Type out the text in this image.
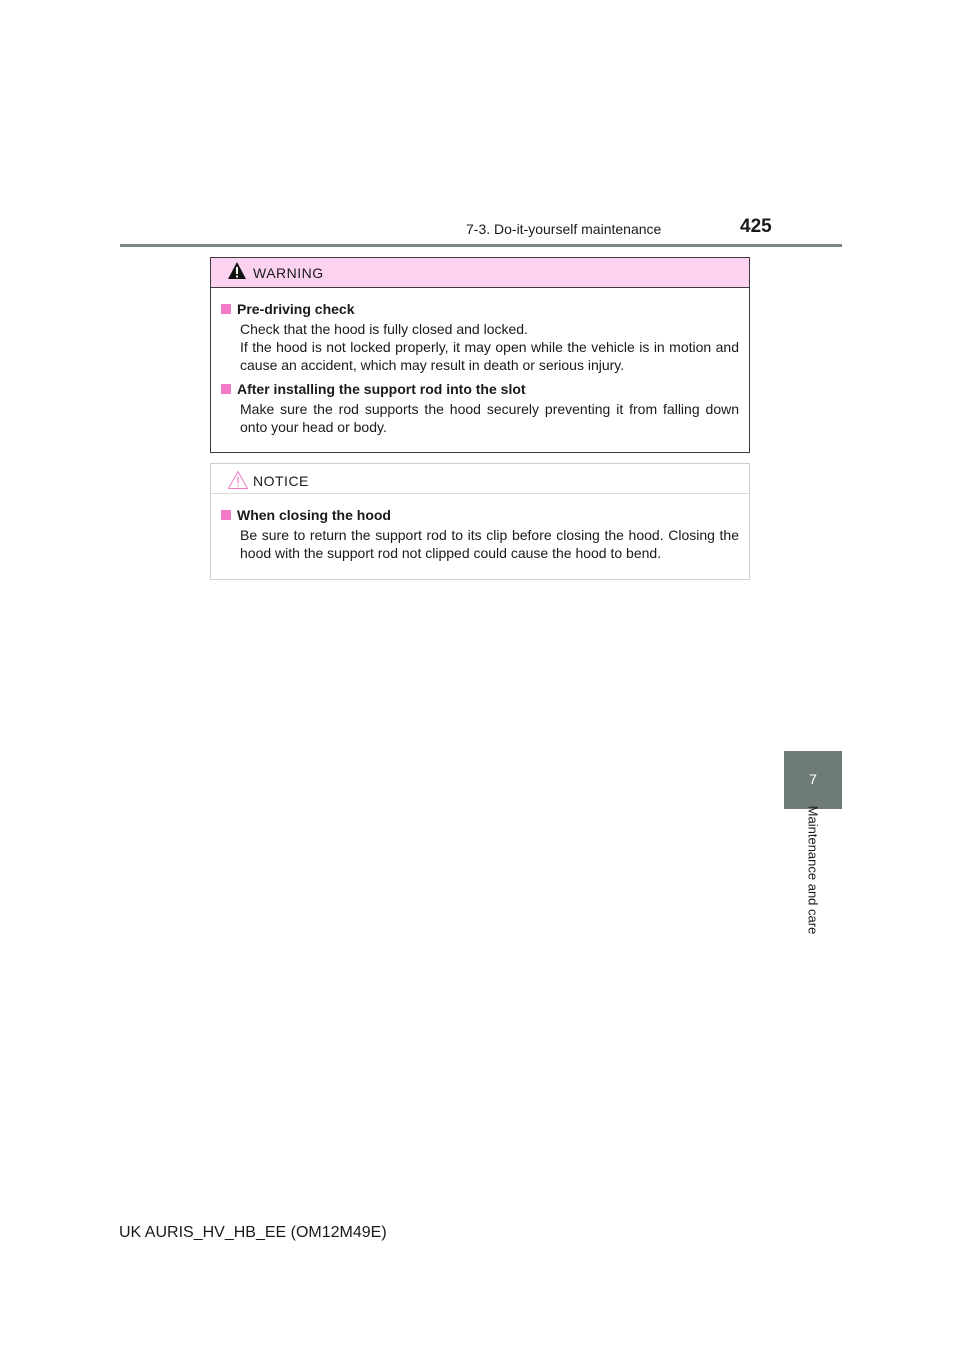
7-3. Do-it-yourself maintenance	425
7
Maintenance and care
WARNING
Pre-driving check

Check that the hood is fully closed and locked.

If the hood is not locked properly, it may open while the vehicle is in motion and cause an accident, which may result in death or serious injury.

After installing the support rod into the slot

Make sure the rod supports the hood securely preventing it from falling down onto your head or body.

NOTICE
When closing the hood

Be sure to return the support rod to its clip before closing the hood. Closing the hood with the support rod not clipped could cause the hood to bend.

UK AURIS_HV_HB_EE (OM12M49E)
